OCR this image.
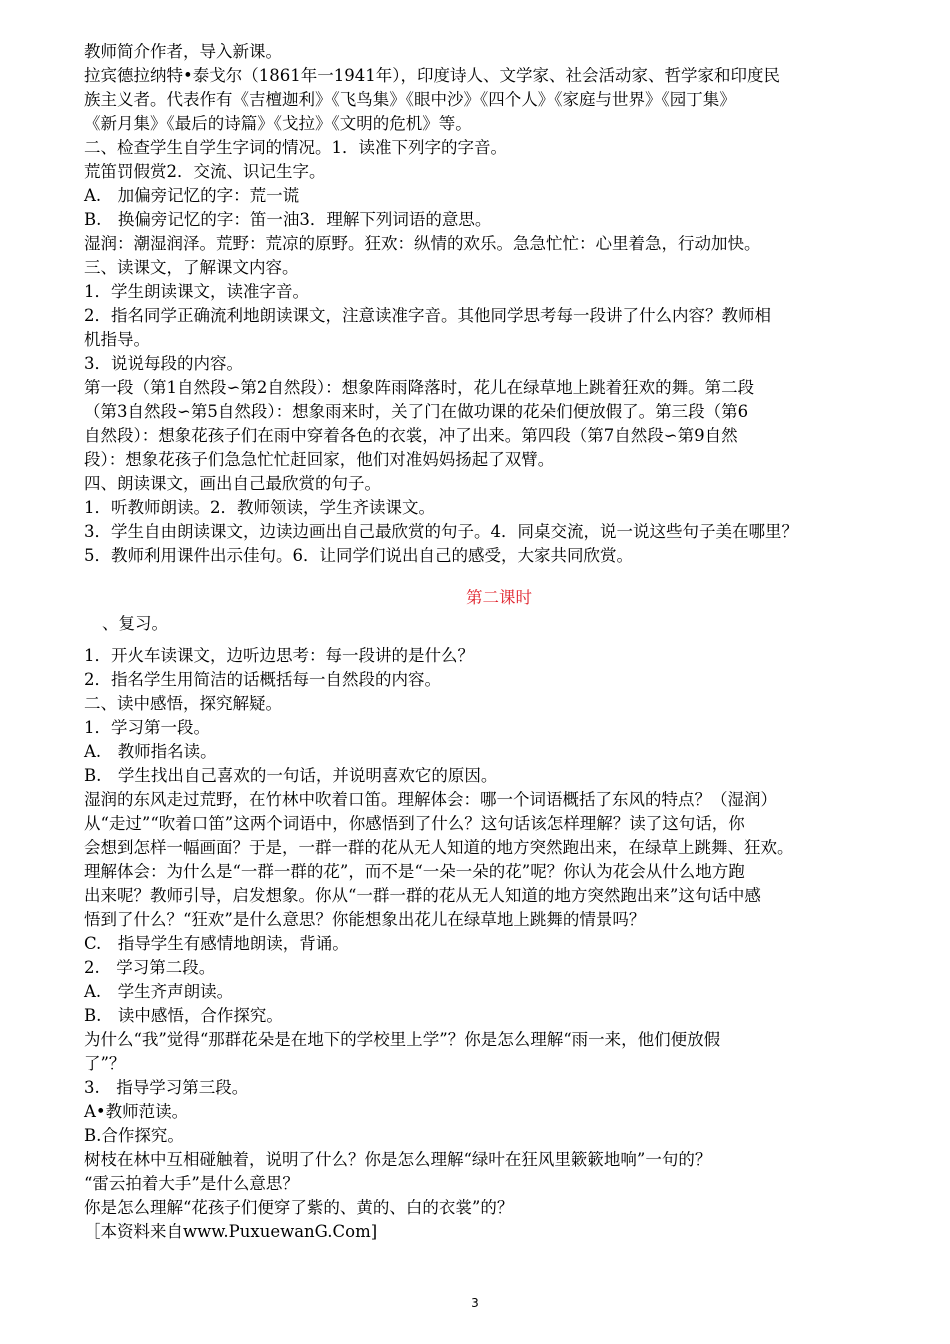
教师简介作者，导入新课。
拉宾德拉纳特•泰戈尔（1861年一1941年），印度诗人、文学家、社会活动家、哲学家和印度民
族主义者。代表作有《吉檀迦利》《飞鸟集》《眼中沙》《四个人》《家庭与世界》《园丁集》
《新月集》《最后的诗篇》《戈拉》《文明的危机》等。
二、检查学生自学生字词的情况。1．读准下列字的字音。
荒笛罚假赏2．交流、识记生字。
A.　加偏旁记忆的字：荒一谎
B.　换偏旁记忆的字：笛一油3．理解下列词语的意思。
湿润：潮湿润泽。荒野：荒凉的原野。狂欢：纵情的欢乐。急急忙忙：心里着急，行动加快。
三、读课文，了解课文内容。
1．学生朗读课文，读准字音。
2．指名同学正确流利地朗读课文，注意读准字音。其他同学思考每一段讲了什么内容？教师相
机指导。
3．说说每段的内容。
第一段（第1自然段∽第2自然段）：想象阵雨降落时，花儿在绿草地上跳着狂欢的舞。第二段
（第3自然段∽第5自然段）：想象雨来时，关了门在做功课的花朵们便放假了。第三段（第6
自然段）：想象花孩子们在雨中穿着各色的衣裳，冲了出来。第四段（第7自然段∽第9自然
段）：想象花孩子们急急忙忙赶回家，他们对准妈妈扬起了双臂。
四、朗读课文，画出自己最欣赏的句子。
1．听教师朗读。2．教师领读，学生齐读课文。
3．学生自由朗读课文，边读边画出自己最欣赏的句子。4．同桌交流，说一说这些句子美在哪里？
5．教师利用课件出示佳句。6．让同学们说出自己的感受，大家共同欣赏。
第二课时
、复习。
1．开火车读课文，边听边思考：每一段讲的是什么？
2．指名学生用简洁的话概括每一自然段的内容。
二、读中感悟，探究解疑。
1．学习第一段。
A.　教师指名读。
B.　学生找出自己喜欢的一句话，并说明喜欢它的原因。
湿润的东风走过荒野，在竹林中吹着口笛。理解体会：哪一个词语概括了东风的特点？（湿润）
从“走过”“吹着口笛”这两个词语中，你感悟到了什么？这句话该怎样理解？读了这句话，你
会想到怎样一幅画面？于是，一群一群的花从无人知道的地方突然跑出来，在绿草上跳舞、狂欢。
理解体会：为什么是“一群一群的花”，而不是“一朵一朵的花”呢？你认为花会从什么地方跑
出来呢？教师引导，启发想象。你从“一群一群的花从无人知道的地方突然跑出来”这句话中感
悟到了什么？“狂欢”是什么意思？你能想象出花儿在绿草地上跳舞的情景吗？
C.　指导学生有感情地朗读，背诵。
2.　学习第二段。
A.　学生齐声朗读。
B.　读中感悟，合作探究。
为什么“我”觉得“那群花朵是在地下的学校里上学”？你是怎么理解“雨一来，他们便放假
了”？
3.　指导学习第三段。
A•教师范读。
B.合作探究。
树枝在林中互相碰触着，说明了什么？你是怎么理解“绿叶在狂风里簌簌地响”一句的？
“雷云拍着大手”是什么意思？
你是怎么理解“花孩子们便穿了紫的、黄的、白的衣裳”的？
［本资料来自www.PuxuewanG.Com]
3
